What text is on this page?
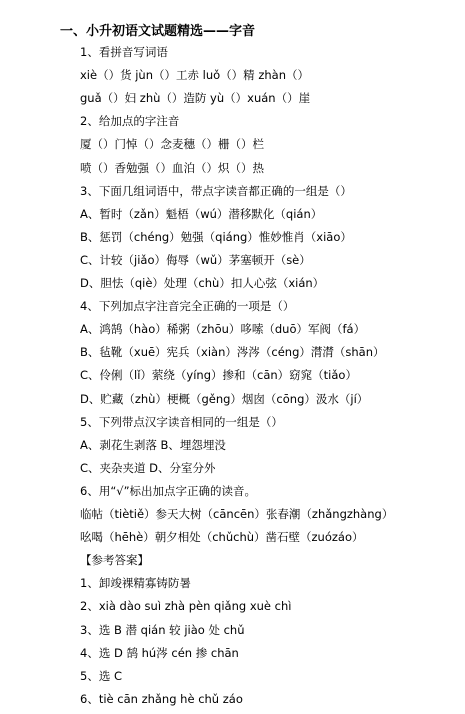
一、小升初语文试题精选——字音
1、看拼音写词语
xiè（）货 jùn（）工赤 luǒ（）精 zhàn（）
guǎ（）妇 zhù（）造防 yù（）xuán（）崖
2、给加点的字注音
厦（）门悼（）念麦穗（）栅（）栏
喷（）香勉强（）血泊（）炽（）热
3、下面几组词语中，带点字读音都正确的一组是（）
A、暂时（zǎn）魁梧（wú）潜移默化（qián）
B、惩罚（chéng）勉强（qiáng）惟妙惟肖（xiāo）
C、计较（jiǎo）侮辱（wǔ）茅塞顿开（sè）
D、胆怯（qiè）处理（chù）扣人心弦（xián）
4、下列加点字注音完全正确的一项是（）
A、鸿鹄（hào）稀粥（zhōu）哆嗦（duō）军阀（fá）
B、毡靴（xuē）宪兵（xiàn）涔涔（céng）潸潸（shān）
C、伶俐（lǐ）萦绕（yíng）掺和（cān）窈窕（tiǎo）
D、贮藏（zhù）梗概（gěng）烟囱（cōng）汲水（jí）
5、下列带点汉字读音相同的一组是（）
A、剥花生剥落 B、埋怨埋没
C、夹杂夹道 D、分室分外
6、用“√”标出加点字正确的读音。
临帖（tiètiě）参天大树（cāncēn）张春潮（zhǎngzhàng）
吆喝（hēhè）朝夕相处（chǔchù）凿石壁（zuózáo）
【参考答案】
1、卸竣裸精寡铸防暑
2、xià dào suì zhà pèn qiǎng xuè chì
3、选 B 潜 qián 较 jiào 处 chǔ
4、选 D 鹄 hú涔 cén 掺 chān
5、选 C
6、tiè cān zhǎng hè chǔ záo
